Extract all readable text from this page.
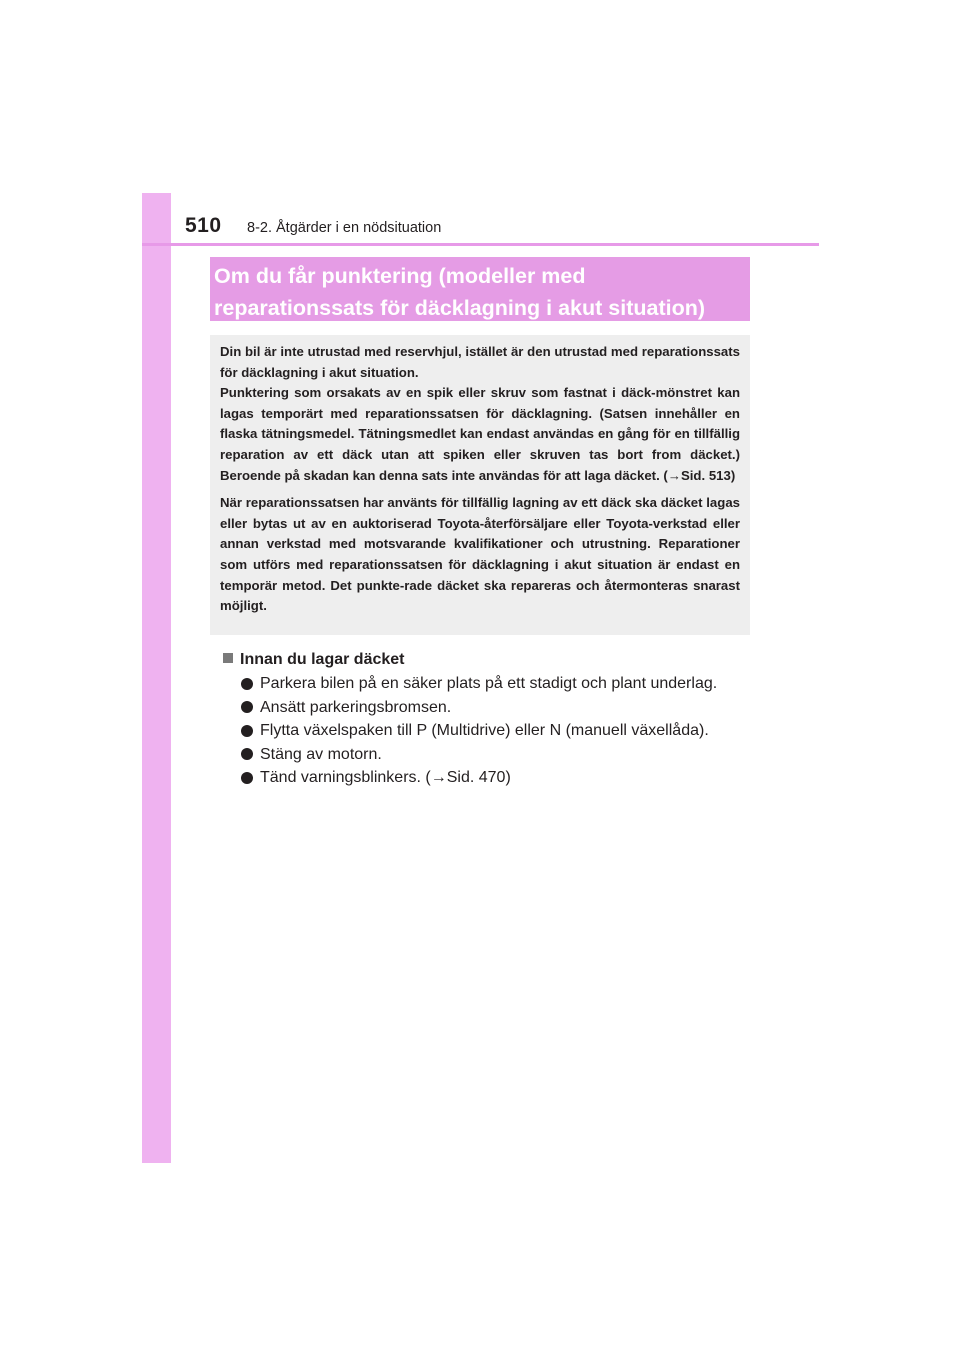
510 8-2. Åtgärder i en nödsituation
Om du får punktering (modeller med
reparationssats för däcklagning i akut situation)

Din bil är inte utrustad med reservhjul, istället är den utrustad med reparationssats för däcklagning i akut situation.

Punktering som orsakats av en spik eller skruv som fastnat i däck-mönstret kan lagas temporärt med reparationssatsen för däcklagning. (Satsen innehåller en flaska tätningsmedel. Tätningsmedlet kan endast användas en gång för en tillfällig reparation av ett däck utan att spiken eller skruven tas bort from däcket.) Beroende på skadan kan denna sats inte användas för att laga däcket. (→Sid. 513)

När reparationssatsen har använts för tillfällig lagning av ett däck ska däcket lagas eller bytas ut av en auktoriserad Toyota-återförsäljare eller Toyota-verkstad eller annan verkstad med motsvarande kvalifikationer och utrustning. Reparationer som utförs med reparationssatsen för däcklagning i akut situation är endast en temporär metod. Det punkte-rade däcket ska repareras och återmonteras snarast möjligt.

Innan du lagar däcket
Parkera bilen på en säker plats på ett stadigt och plant underlag.
Ansätt parkeringsbromsen.
Flytta växelspaken till P (Multidrive) eller N (manuell växellåda).
Stäng av motorn.
Tänd varningsblinkers. (→Sid. 470)
